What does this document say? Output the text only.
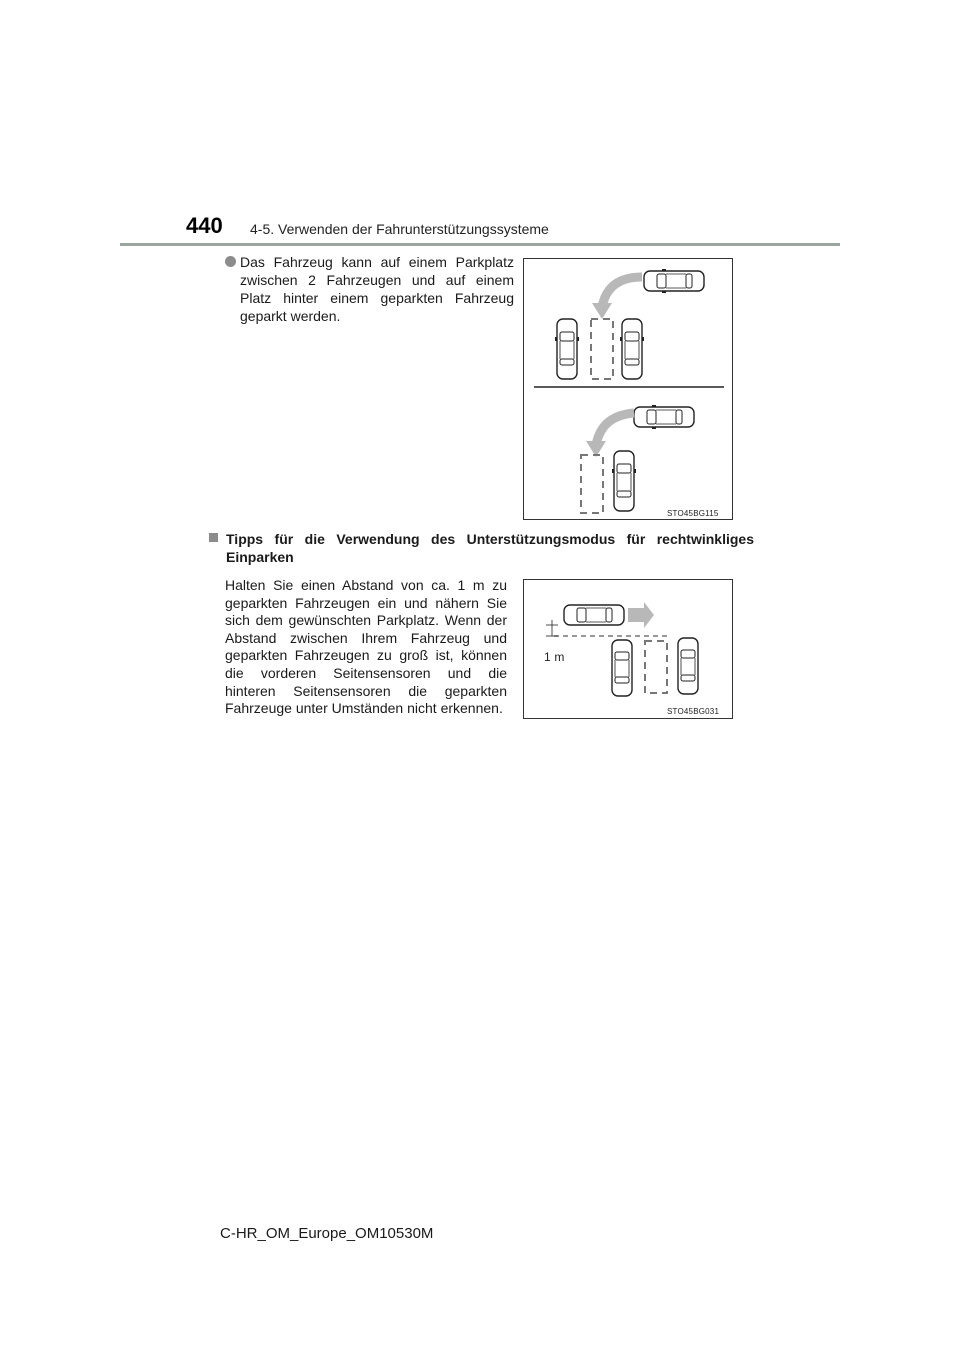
440 4-5. Verwenden der Fahrunterstützungssysteme
Das Fahrzeug kann auf einem Parkplatz zwischen 2 Fahrzeugen und auf einem Platz hinter einem geparkten Fahrzeug geparkt werden.
STO45BG115
Tipps für die Verwendung des Unterstützungsmodus für rechtwinkliges Einparken
Halten Sie einen Abstand von ca. 1 m zu geparkten Fahrzeugen ein und nähern Sie sich dem gewünschten Parkplatz. Wenn der Abstand zwischen Ihrem Fahrzeug und geparkten Fahrzeugen zu groß ist, können die vorderen Seitensensoren und die hinteren Seitensensoren die geparkten Fahrzeuge unter Umständen nicht erkennen.
1 m
STO45BG031
C-HR_OM_Europe_OM10530M
